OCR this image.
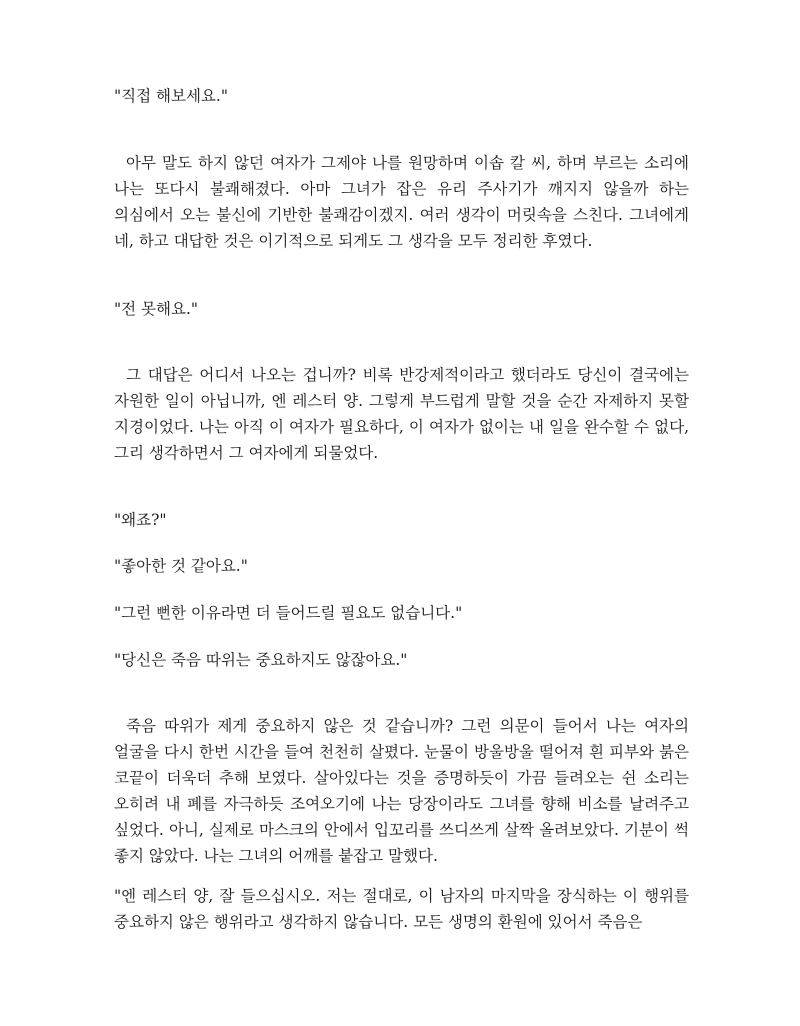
"직접 해보세요."

아무 말도 하지 않던 여자가 그제야 나를 원망하며 이솝 칼 씨, 하며 부르는 소리에 나는 또다시 불쾌해졌다. 아마 그녀가 잡은 유리 주사기가 깨지지 않을까 하는 의심에서 오는 불신에 기반한 불쾌감이겠지. 여러 생각이 머릿속을 스친다. 그녀에게 네, 하고 대답한 것은 이기적으로 되게도 그 생각을 모두 정리한 후였다.

"전 못해요."

그 대답은 어디서 나오는 겁니까? 비록 반강제적이라고 했더라도 당신이 결국에는 자원한 일이 아닙니까, 엔 레스터 양. 그렇게 부드럽게 말할 것을 순간 자제하지 못할 지경이었다. 나는 아직 이 여자가 필요하다, 이 여자가 없이는 내 일을 완수할 수 없다, 그리 생각하면서 그 여자에게 되물었다.

"왜죠?"

"좋아한 것 같아요."

"그런 뻔한 이유라면 더 들어드릴 필요도 없습니다."

"당신은 죽음 따위는 중요하지도 않잖아요."

죽음 따위가 제게 중요하지 않은 것 같습니까? 그런 의문이 들어서 나는 여자의 얼굴을 다시 한번 시간을 들여 천천히 살폈다. 눈물이 방울방울 떨어져 흰 피부와 붉은 코끝이 더욱더 추해 보였다. 살아있다는 것을 증명하듯이 가끔 들려오는 쉰 소리는 오히려 내 폐를 자극하듯 조여오기에 나는 당장이라도 그녀를 향해 비소를 날려주고 싶었다. 아니, 실제로 마스크의 안에서 입꼬리를 쓰디쓰게 살짝 올려보았다. 기분이 썩 좋지 않았다. 나는 그녀의 어깨를 붙잡고 말했다.

"엔 레스터 양, 잘 들으십시오. 저는 절대로, 이 남자의 마지막을 장식하는 이 행위를 중요하지 않은 행위라고 생각하지 않습니다. 모든 생명의 환원에 있어서 죽음은
